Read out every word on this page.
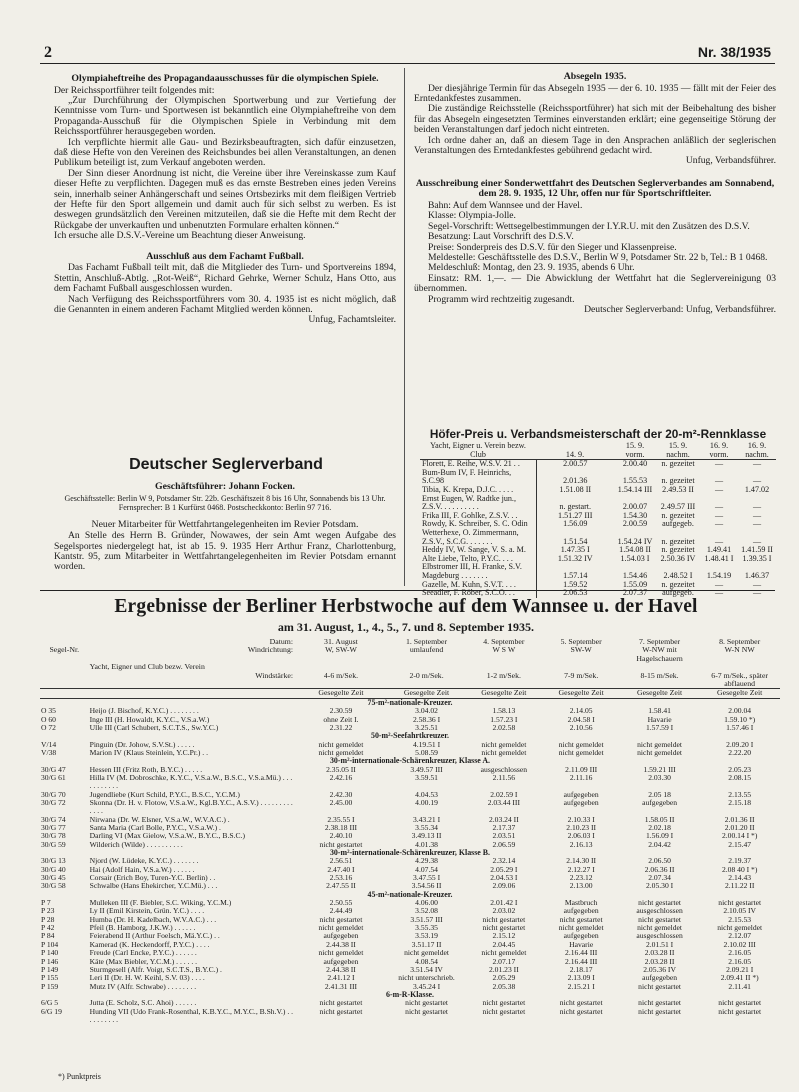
2	Nr. 38/1935
Olympiaheftreihe des Propagandaausschusses für die olympischen Spiele.

Der Reichssportführer teilt folgendes mit:

„Zur Durchführung der Olympischen Sportwerbung und zur Vertiefung der Kenntnisse vom Turn- und Sportwesen ist bekanntlich eine Olympiaheftreihe von dem Propaganda-Ausschuß für die Olympischen Spiele in Verbindung mit dem Reichssportführer herausgegeben worden.

Ich verpflichte hiermit alle Gau- und Bezirksbeauftragten, sich dafür einzusetzen, daß diese Hefte von den Vereinen des Reichsbundes bei allen Veranstaltungen, an denen Publikum beteiligt ist, zum Verkauf angeboten werden.

Der Sinn dieser Anordnung ist nicht, die Vereine über ihre Vereinskasse zum Kauf dieser Hefte zu verpflichten. Dagegen muß es das ernste Bestreben eines jeden Vereins sein, innerhalb seiner Anhängerschaft und seines Ortsbezirks mit dem fleißigen Vertrieb der Hefte für den Sport allgemein und damit auch für sich selbst zu werben. Es ist deswegen grundsätzlich den Vereinen mitzuteilen, daß sie die Hefte mit dem Recht der Rückgabe der unverkauften und unbenutzten Formulare erhalten können.“

Ich ersuche alle D.S.V.-Vereine um Beachtung dieser Anweisung.

Ausschluß aus dem Fachamt Fußball.

Das Fachamt Fußball teilt mit, daß die Mitglieder des Turn- und Sportvereins 1894, Stettin, Anschluß-Abtlg. „Rot-Weiß“, Richard Gehrke, Werner Schulz, Hans Otto, aus dem Fachamt Fußball ausgeschlossen wurden.

Nach Verfügung des Reichssportführers vom 30. 4. 1935 ist es nicht möglich, daß die Genannten in einem anderen Fachamt Mitglied werden können.

Unfug, Fachamtsleiter.

Deutscher Seglerverband
Geschäftsführer: Johann Focken.

Geschäftsstelle: Berlin W 9, Potsdamer Str. 22b. Geschäftszeit 8 bis 16 Uhr, Sonnabends bis 13 Uhr. Fernsprecher: B 1 Kurfürst 0468. Postscheckkonto: Berlin 97 716.

Neuer Mitarbeiter für Wettfahrtangelegenheiten im Revier Potsdam.

An Stelle des Herrn B. Gründer, Nowawes, der sein Amt wegen Aufgabe des Segelsportes niedergelegt hat, ist ab 15. 9. 1935 Herr Arthur Franz, Charlottenburg, Kantstr. 95, zum Mitarbeiter in Wettfahrtangelegenheiten im Revier Potsdam ernannt worden.

Absegeln 1935.

Der diesjährige Termin für das Absegeln 1935 — der 6. 10. 1935 — fällt mit der Feier des Erntedankfestes zusammen.

Die zuständige Reichsstelle (Reichssportführer) hat sich mit der Beibehaltung des bisher für das Absegeln eingesetzten Termines einverstanden erklärt; eine gegenseitige Störung der beiden Veranstaltungen darf jedoch nicht eintreten.

Ich ordne daher an, daß an diesem Tage in den Ansprachen anläßlich der seglerischen Veranstaltungen des Erntedankfestes gebührend gedacht wird.

Unfug, Verbandsführer.

Ausschreibung einer Sonderwettfahrt des Deutschen Seglerverbandes am Sonnabend, dem 28. 9. 1935, 12 Uhr, offen nur für Sportschriftleiter.

Bahn: Auf dem Wannsee und der Havel.

Klasse: Olympia-Jolle.

Segel-Vorschrift: Wettsegelbestimmungen der I.Y.R.U. mit den Zusätzen des D.S.V.

Besatzung: Laut Vorschrift des D.S.V.

Preise: Sonderpreis des D.S.V. für den Sieger und Klassenpreise.

Meldestelle: Geschäftsstelle des D.S.V., Berlin W 9, Potsdamer Str. 22 b, Tel.: B 1 0468.

Meldeschluß: Montag, den 23. 9. 1935, abends 6 Uhr.

Einsatz: RM. 1,—. — Die Abwicklung der Wettfahrt hat die Seglervereinigung 03 übernommen.

Programm wird rechtzeitig zugesandt.

Deutscher Seglerverband: Unfug, Verbandsführer.

Höfer-Preis u. Verbandsmeisterschaft der 20-m²-Rennklasse
Yacht, Eigner u. Verein bezw. Club	14. 9.	15. 9. vorm.	15. 9. nachm.	16. 9. vorm.	16. 9. nachm.
Florett, E. Reihe, W.S.V. 21 . .	2.00.57	2.00.40	n. gezeitet	—	—
Bum-Bum IV, F. Heinrichs, S.C.98	2.01.36	1.55.53	n. gezeitet	—	—
Tibia, K. Krepa, D.J.C. . . . .	1.51.08 II	1.54.14 III	2.49.53 II	—	1.47.02
Ernst Eugen, W. Radtke jun., Z.S.V. . . . . . . . . .	n. gestart.	2.00.07	2.49.57 III	—	—
Frika III, F. Gohlke, Z.S.V. . .	1.51.27 III	1.54.30	n. gezeitet	—	—
Rowdy, K. Schreiber, S. C. Odin	1.56.09	2.00.59	aufgegeb.	—	—
Wetterhexe, O. Zimmermann, Z.S.V., S.C.G. . . . . . .	1.51.54	1.54.24 IV	n. gezeitet	—	—
Heddy IV, W. Sange, V. S. a. M.	1.47.35 I	1.54.08 II	n. gezeitet	1.49.41	1.41.59 II
Alte Liebe, Telto, P.Y.C. . . .	1.51.32 IV	1.54.03 I	2.50.36 IV	1.48.41 I	1.39.35 I
Elbstromer III, H. Franke, S.V. Magdeburg . . . . . . .	1.57.14	1.54.46	2.48.52 I	1.54.19	1.46.37
Gazelle, M. Kuhn, S.V.T. . . .	1.59.52	1.55.09	n. gezeitet	—	—
Seeadler, F. Röber, S.C.O. . .	2.06.53	2.07.37	aufgegeb.	—	—
Ergebnisse der Berliner Herbstwoche auf dem Wannsee u. der Havel
am 31. August, 1., 4., 5., 7. und 8. September 1935.
	Datum:	31. August	1. September	4. September	5. September	7. September	8. September
Segel-Nr.	Windrichtung:	W, SW-W	umlaufend	W S W	SW-W	W-NW mit Hagelschauern	W-N NW
	Yacht, Eigner und Club bezw. Verein						
	Windstärke:	4-6 m/Sek.	2-0 m/Sek.	1-2 m/Sek.	7-9 m/Sek.	8-15 m/Sek.	6-7 m/Sek., später abflauend
		Gesegelte Zeit	Gesegelte Zeit	Gesegelte Zeit	Gesegelte Zeit	Gesegelte Zeit	Gesegelte Zeit
75-m²-nationale-Kreuzer.							
O 35	Heijo (J. Bischof, K.Y.C.) . . . . . . . .	2.30.59	3.04.02	1.58.13	2.14.05	1.58.41	2.00.04
O 60	Inge III (H. Howaldt, K.Y.C., V.S.a.W.)	ohne Zeit I.	2.58.36 I	1.57.23 I	2.04.58 I	Havarie	1.59.10 *)
O 72	Ulle III (Carl Schubert, S.C.T.S., Sw.Y.C.)	2.31.22	3.25.51	2.02.58	2.10.56	1.57.59 I	1.57.46 I
50-m²-Seefahrtkreuzer.							
V/14	Pinguin (Dr. Johow, S.V.St.) . . . . .	nicht gemeldet	4.19.51 I	nicht gemeldet	nicht gemeldet	nicht gemeldet	2.09.20 I
V/38	Marion IV (Klaus Steinlein, Y.C.Pr.) . .	nicht gemeldet	5.08.59	nicht gemeldet	nicht gemeldet	nicht gemeldet	2.22.20
30-m²-internationale-Schärenkreuzer, Klasse A.							
30/G 47	Hessen III (Fritz Roth, B.Y.C.) . . . . .	2.35.05 II	3.49.57 III	ausgeschlossen	2.11.09 III	1.59.21 III	2.05.23
30/G 61	Hilla IV (M. Dobroschke, K.Y.C., V.S.a.W., B.S.C., V.S.a.Mü.) . . . . . . . . . . .	2.42.16	3.59.51	2.11.56	2.11.16	2.03.30	2.08.15
30/G 70	Jugendliebe (Kurt Schild, P.Y.C., B.S.C., Y.C.M.)	2.42.30	4.04.53	2.02.59 I	aufgegeben	2.05 18	2.13.55
30/G 72	Skonna (Dr. H. v. Flotow, V.S.a.W., Kgl.B.Y.C., A.S.V.) . . . . . . . . . . . . .	2.45.00	4.00.19	2.03.44 III	aufgegeben	aufgegeben	2.15.18
30/G 74	Nirwana (Dr. W. Elsner, V.S.a.W., W.V.A.C.) .	2.35.55 I	3.43.21 I	2.03.24 II	2.10.33 I	1.58.05 II	2.01.36 II
30/G 77	Santa Maria (Carl Bolle, P.Y.C., V.S.a.W.) .	2.38.18 III	3.55.34	2.17.37	2.10.23 II	2.02.18	2.01.20 II
30/G 78	Darling VI (Max Gielow, V.S.a.W., B.Y.C., B.S.C.)	2.40.10	3.49.13 II	2.03.51	2.06.03 I	1.56.09 I	2.00.14 I *)
30/G 59	Wilderich (Wilde) . . . . . . . . . .	nicht gestartet	4.01.38	2.06.59	2.16.13	2.04.42	2.15.47
30-m²-internationale-Schärenkreuzer, Klasse B.							
30/G 13	Njord (W. Lüdeke, K.Y.C.) . . . . . . .	2.56.51	4.29.38	2.32.14	2.14.30 II	2.06.50	2.19.37
30/G 40	Hai (Adolf Hain, V.S.a.W.) . . . . . .	2.47.40 I	4.07.54	2.05.29 I	2.12.27 I	2.06.36 II	2.08 40 I *)
30/G 45	Corsair (Erich Boy, Turen-Y.C. Berlin) . .	2.53.16	3.47.55 I	2.04.53 I	2.23.12	2.07.34	2.14.43
30/G 58	Schwalbe (Hans Ehekircher, Y.C.Mü.) . . .	2.47.55 II	3.54.56 II	2.09.06	2.13.00	2.05.30 I	2.11.22 II
45-m²-nationale-Kreuzer.							
P 7	Mulleken III (F. Biebler, S.C. Wiking, Y.C.M.)	2.50.55	4.06.00	2.01.42 I	Mastbruch	nicht gestartet	nicht gestartet
P 23	Ly II (Emil Kirstein, Grün. Y.C.) . . . .	2.44.49	3.52.08	2.03.02	aufgegeben	ausgeschlossen	2.10.05 IV
P 28	Humba (Dr. H. Kadelbach, W.V.A.C.) . . .	nicht gestartet	3.51.57 III	nicht gestartet	nicht gestartet	nicht gestartet	2.15.53
P 42	Pfeil (B. Hamborg, J.K.W.) . . . . . .	nicht gemeldet	3.55.35	nicht gestartet	nicht gemeldet	nicht gemeldet	nicht gemeldet
P 84	Feierabend II (Arthur Foelsch, Mä.Y.C.) . .	aufgegeben	3.53.19	2.15.12	aufgegeben	ausgeschlossen	2.12.07
P 104	Kamerad (K. Heckendorff, P.Y.C.) . . . .	2.44.38 II	3.51.17 II	2.04.45	Havarie	2.01.51 I	2.10.02 III
P 140	Freude (Carl Encke, P.Y.C.) . . . . . .	nicht gemeldet	nicht gemeldet	nicht gemeldet	2.16.44 III	2.03.28 II	2.16.05
P 146	Käte (Max Biebler, Y.C.M.) . . . . . .	aufgegeben	4.08.54	2.07.17	2.16.44 III	2.03.28 II	2.16.05
P 149	Sturmgesell (Alfr. Voigt, S.C.T.S., B.Y.C.) .	2.44.38 II	3.51.54 IV	2.01.23 II	2.18.17	2.05.36 IV	2.09.21 I
P 155	Leri II (Dr. H. W. Keihl, S.V. 03) . . . .	2.41.12 I	nicht unterschrieb.	2.05.29	2.13.09 I	aufgegeben	2.09.41 II *)
P 159	Mutz IV (Alfr. Schwabe) . . . . . . . .	2.41.31 III	3.45.24 I	2.05.38	2.15.21 I	nicht gestartet	2.11.41
6-m-R-Klasse.							
6/G 5	Jutta (E. Scholz, S.C. Ahoi) . . . . . .	nicht gestartet	nicht gestartet	nicht gestartet	nicht gestartet	nicht gestartet	nicht gestartet
6/G 19	Hunding VII (Udo Frank-Rosenthal, K.B.Y.C., M.Y.C., B.Sh.V.) . . . . . . . . . .	nicht gestartet	nicht gestartet	nicht gestartet	nicht gestartet	nicht gestartet	nicht gestartet
*) Punktpreis
